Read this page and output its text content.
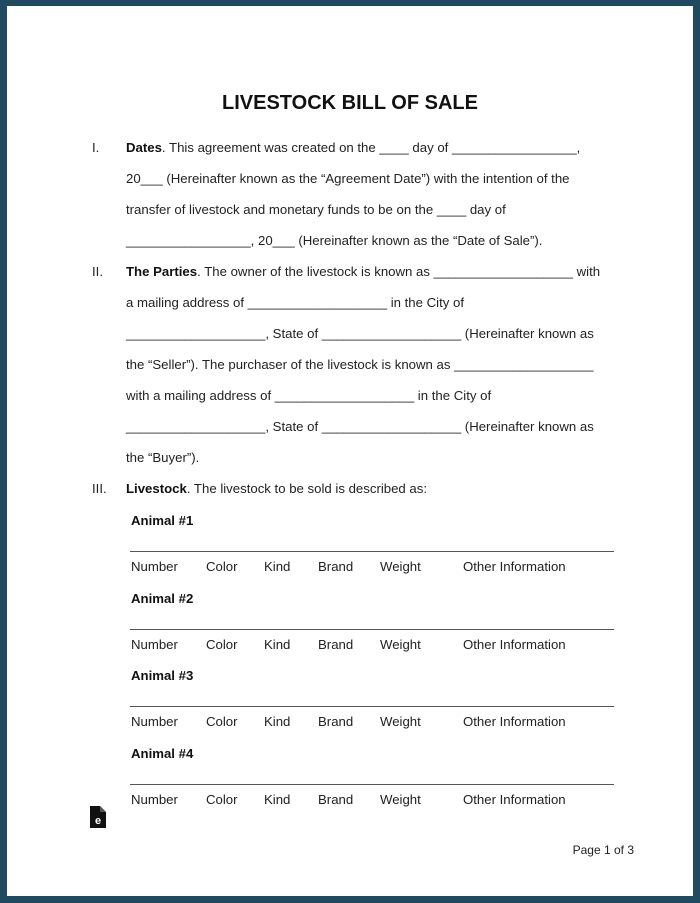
LIVESTOCK BILL OF SALE
I. Dates. This agreement was created on the ____ day of _________________,
20___ (Hereinafter known as the “Agreement Date”) with the intention of the
transfer of livestock and monetary funds to be on the ____ day of
_________________, 20___ (Hereinafter known as the “Date of Sale”).
II. The Parties. The owner of the livestock is known as ___________________ with
a mailing address of ___________________ in the City of
___________________, State of ___________________ (Hereinafter known as
the “Seller”). The purchaser of the livestock is known as ___________________
with a mailing address of ___________________ in the City of
___________________, State of ___________________ (Hereinafter known as
the “Buyer”).
III. Livestock. The livestock to be sold is described as:
Animal #1
Number Color Kind Brand Weight	Other Information
Animal #2
Number Color Kind Brand Weight	Other Information
Animal #3
Number Color Kind Brand Weight	Other Information
Animal #4
Number Color Kind Brand Weight	Other Information
e
Page 1 of 3
